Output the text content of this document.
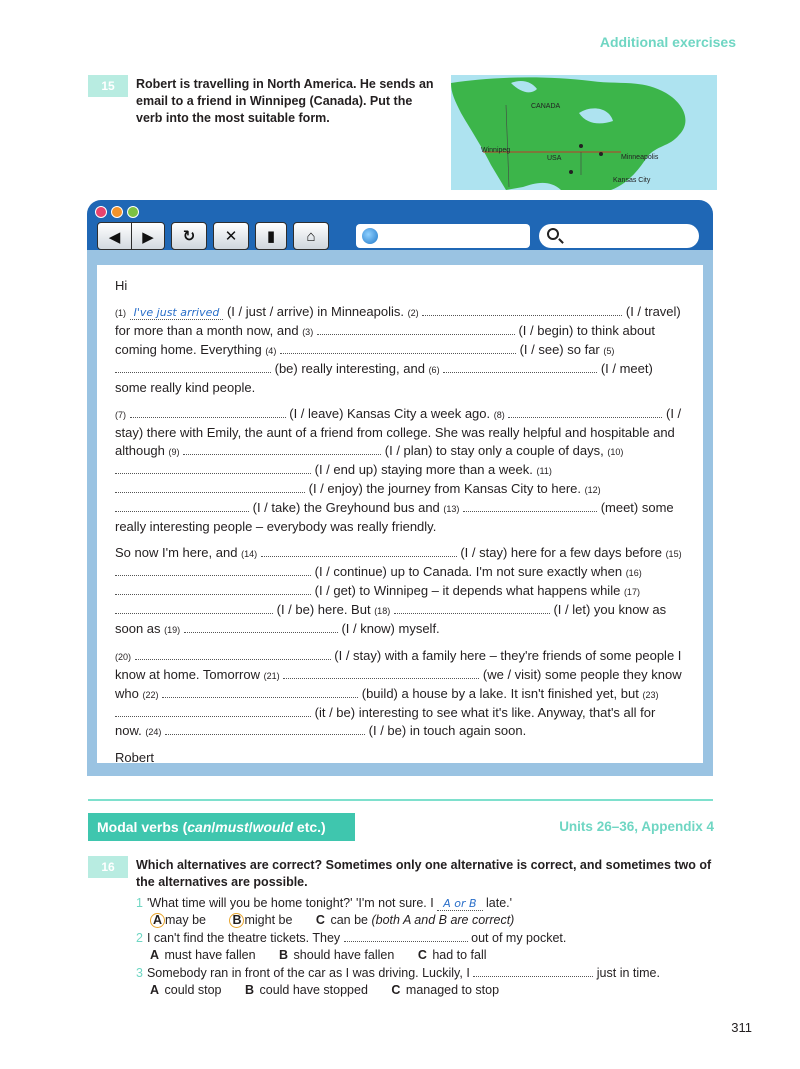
Additional exercises
15	Robert is travelling in North America. He sends an email to a friend in Winnipeg (Canada). Put the verb into the most suitable form.
CANADA
Winnipeg
USA	Minneapolis
Kansas City
◀	▶	↻	✕	▮	⌂

Hi

(1) I've just arrived (I / just / arrive) in Minneapolis. (2)	(I / travel) for more than a month now, and (3)	(I / begin) to think about coming home. Everything (4)	(I / see) so far (5)  (be) really interesting, and (6)	(I / meet) some really kind people.

(7)	(I / leave) Kansas City a week ago. (8)	(I / stay) there with Emily, the aunt of a friend from college. She was really helpful and hospitable and although (9)	(I / plan) to stay only a couple of days, (10)  (I / end up) staying more than a week. (11)  (I / enjoy) the journey from Kansas City to here. (12)  (I / take) the Greyhound bus and (13)	(meet) some really interesting people – everybody was really friendly.

So now I'm here, and (14)	(I / stay) here for a few days before (15)  (I / continue) up to Canada. I'm not sure exactly when (16)  (I / get) to Winnipeg – it depends what happens while (17)  (I / be) here. But (18)	(I / let) you know as soon as (19)	(I / know) myself.

(20)	(I / stay) with a family here – they're friends of some people I know at home. Tomorrow (21)	(we / visit) some people they know who (22)	(build) a house by a lake. It isn't finished yet, but (23)  (it / be) interesting to see what it's like. Anyway, that's all for now. (24)	(I / be) in touch again soon.

Robert

Modal verbs (can/must/would etc.)	Units 26–36, Appendix 4
16	Which alternatives are correct? Sometimes only one alternative is correct, and sometimes two of the alternatives are possible.
1 'What time will you be home tonight?' 'I'm not sure. I A or B late.'
A may be B might be C can be (both A and B are correct)
2 I can't find the theatre tickets. They	out of my pocket.
A must have fallen B should have fallen C had to fall
3 Somebody ran in front of the car as I was driving. Luckily, I	just in time.
A could stop B could have stopped C managed to stop
311
